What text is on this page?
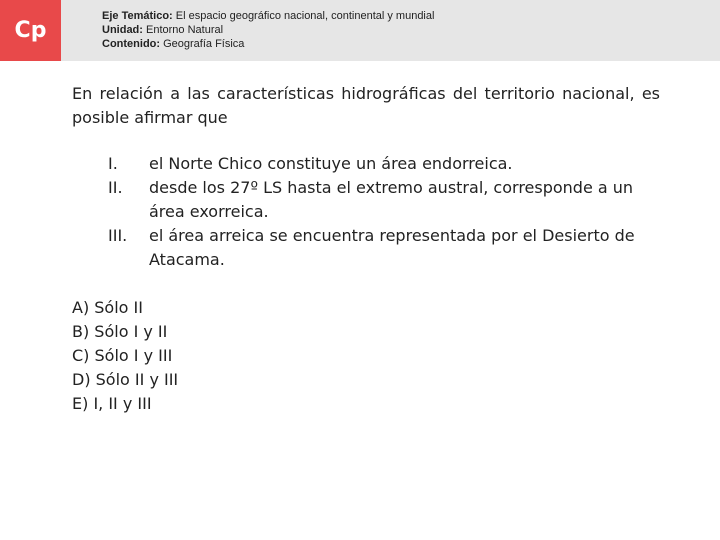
Cp
Eje Temático: El espacio geográfico nacional, continental y mundial
Unidad: Entorno Natural
Contenido: Geografía Física
En relación a las características hidrográficas del territorio nacional, es posible afirmar que
I.	el Norte Chico constituye un área endorreica.
II.	desde los 27º LS hasta el extremo austral, corresponde a un área exorreica.
III.	el área arreica se encuentra representada por el Desierto de Atacama.
A) Sólo II
B) Sólo I y II
C) Sólo I y III
D) Sólo II y III
E) I, II y III
